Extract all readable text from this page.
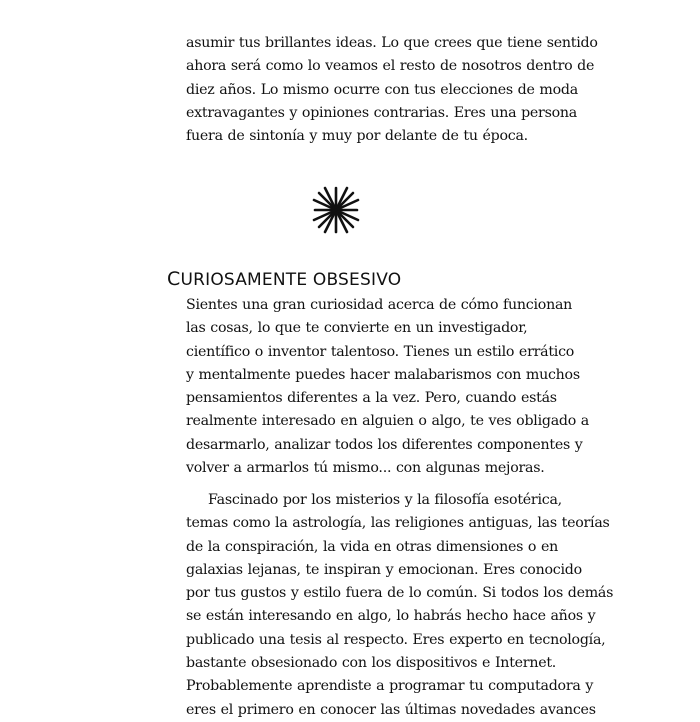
asumir tus brillantes ideas. Lo que crees que tiene sentido
ahora será como lo veamos el resto de nosotros dentro de
diez años. Lo mismo ocurre con tus elecciones de moda
extravagantes y opiniones contrarias. Eres una persona
fuera de sintonía y muy por delante de tu época.

CURIOSAMENTE OBSESIVO

Sientes una gran curiosidad acerca de cómo funcionan
las cosas, lo que te convierte en un investigador,
científico o inventor talentoso. Tienes un estilo errático
y mentalmente puedes hacer malabarismos con muchos
pensamientos diferentes a la vez. Pero, cuando estás
realmente interesado en alguien o algo, te ves obligado a
desarmarlo, analizar todos los diferentes componentes y
volver a armarlos tú mismo... con algunas mejoras.

Fascinado por los misterios y la filosofía esotérica,
temas como la astrología, las religiones antiguas, las teorías
de la conspiración, la vida en otras dimensiones o en
galaxias lejanas, te inspiran y emocionan. Eres conocido
por tus gustos y estilo fuera de lo común. Si todos los demás
se están interesando en algo, lo habrás hecho hace años y
publicado una tesis al respecto. Eres experto en tecnología,
bastante obsesionado con los dispositivos e Internet.
Probablemente aprendiste a programar tu computadora y
eres el primero en conocer las últimas novedades avances
